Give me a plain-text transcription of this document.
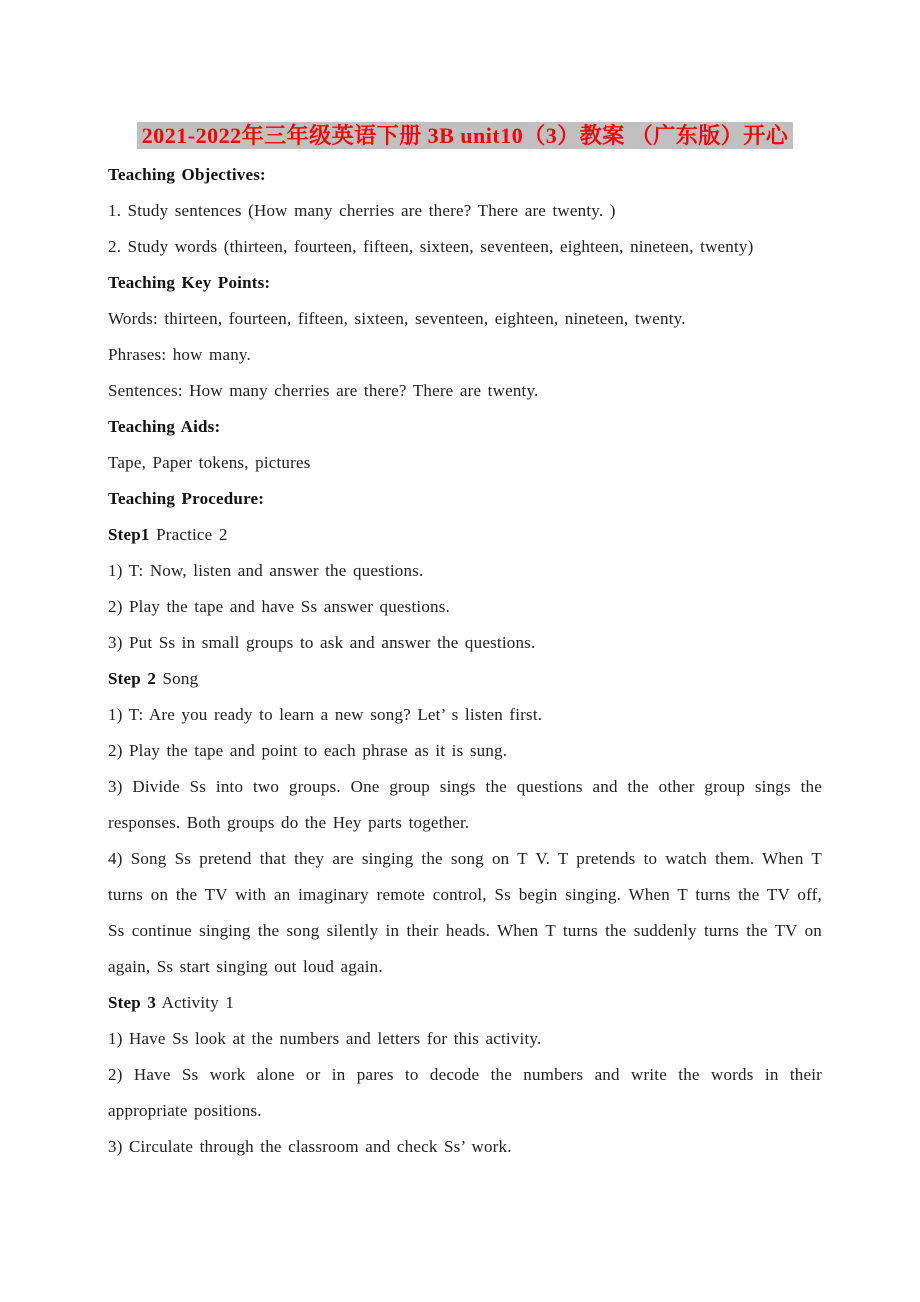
2021-2022年三年级英语下册 3B unit10（3）教案 （广东版）开心

Teaching Objectives:

1. Study sentences (How many cherries are there? There are twenty. )

2. Study words (thirteen, fourteen, fifteen, sixteen, seventeen, eighteen, nineteen, twenty)

Teaching Key Points:

Words: thirteen, fourteen, fifteen, sixteen, seventeen, eighteen, nineteen, twenty.

Phrases: how many.

Sentences: How many cherries are there? There are twenty.

Teaching Aids:

Tape, Paper tokens, pictures

Teaching Procedure:

Step1 Practice 2

1) T: Now, listen and answer the questions.

2) Play the tape and have Ss answer questions.

3) Put Ss in small groups to ask and answer the questions.

Step 2 Song

1) T: Are you ready to learn a new song? Let’ s listen first.

2) Play the tape and point to each phrase as it is sung.

3) Divide Ss into two groups. One group sings the questions and the other group sings the responses. Both groups do the Hey parts together.

4) Song Ss pretend that they are singing the song on T V. T pretends to watch them. When T turns on the TV with an imaginary remote control, Ss begin singing. When T turns the TV off, Ss continue singing the song silently in their heads. When T turns the suddenly turns the TV on again, Ss start singing out loud again.

Step 3 Activity 1

1) Have Ss look at the numbers and letters for this activity.

2) Have Ss work alone or in pares to decode the numbers and write the words in their appropriate positions.

3) Circulate through the classroom and check Ss’ work.
